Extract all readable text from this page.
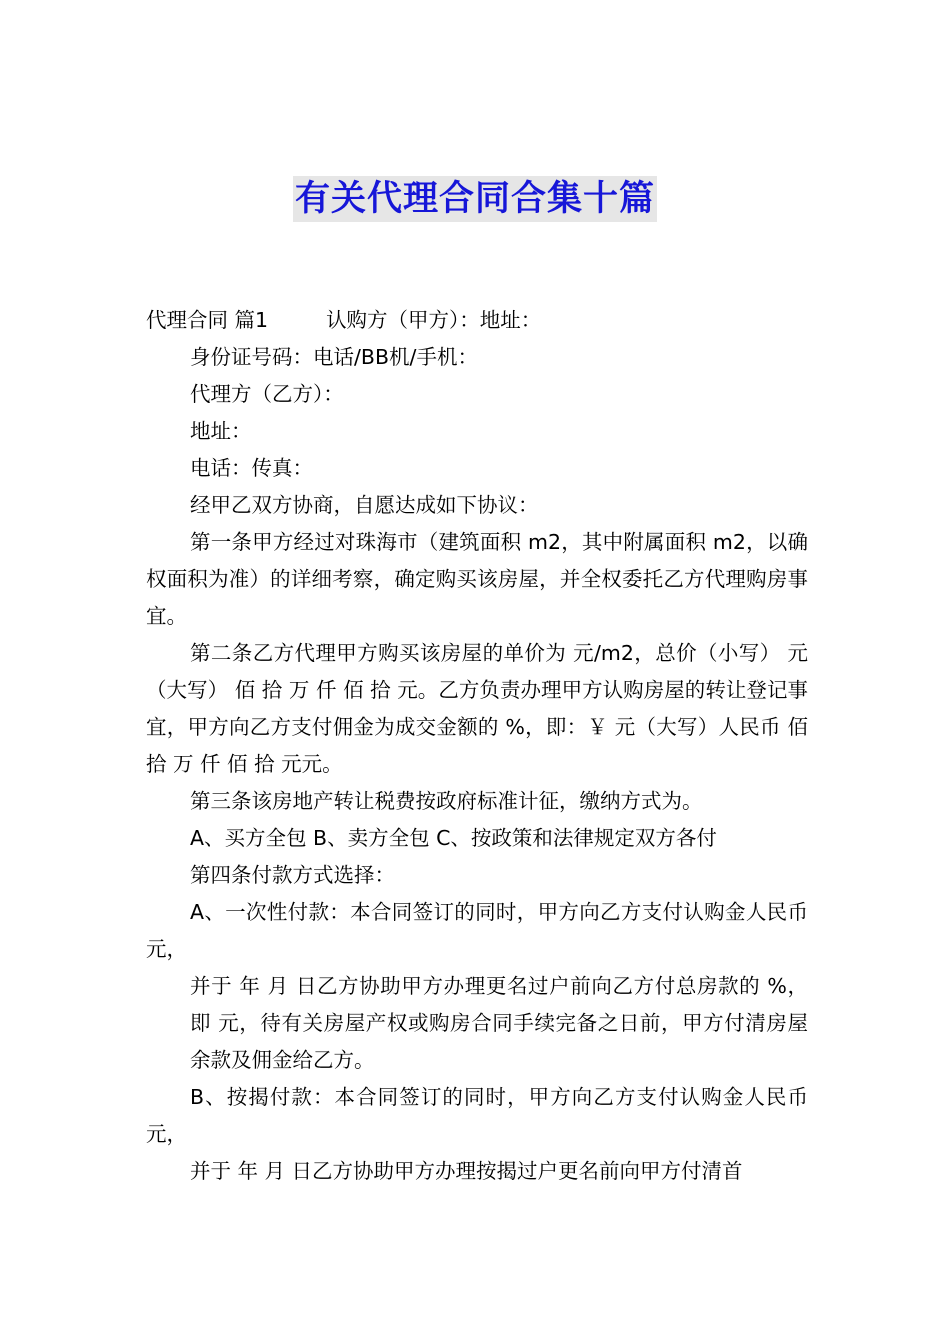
有关代理合同合集十篇

代理合同 篇1	认购方（甲方）：地址：

身份证号码：电话/BB机/手机：

代理方（乙方）：

地址：

电话：传真：

经甲乙双方协商，自愿达成如下协议：

第一条甲方经过对珠海市（建筑面积 m2，其中附属面积 m2，以确权面积为准）的详细考察，确定购买该房屋，并全权委托乙方代理购房事宜。

第二条乙方代理甲方购买该房屋的单价为 元/m2，总价（小写） 元（大写） 佰 拾 万 仟 佰 拾 元。乙方负责办理甲方认购房屋的转让登记事宜，甲方向乙方支付佣金为成交金额的 %，即：￥ 元（大写）人民币 佰 拾 万 仟 佰 拾 元元。

第三条该房地产转让税费按政府标准计征，缴纳方式为。

A、买方全包 B、卖方全包 C、按政策和法律规定双方各付

第四条付款方式选择：

A、一次性付款：本合同签订的同时，甲方向乙方支付认购金人民币 元，

并于 年 月 日乙方协助甲方办理更名过户前向乙方付总房款的 %，即 元，待有关房屋产权或购房合同手续完备之日前，甲方付清房屋余款及佣金给乙方。

B、按揭付款：本合同签订的同时，甲方向乙方支付认购金人民币 元，

并于 年 月 日乙方协助甲方办理按揭过户更名前向甲方付清首
